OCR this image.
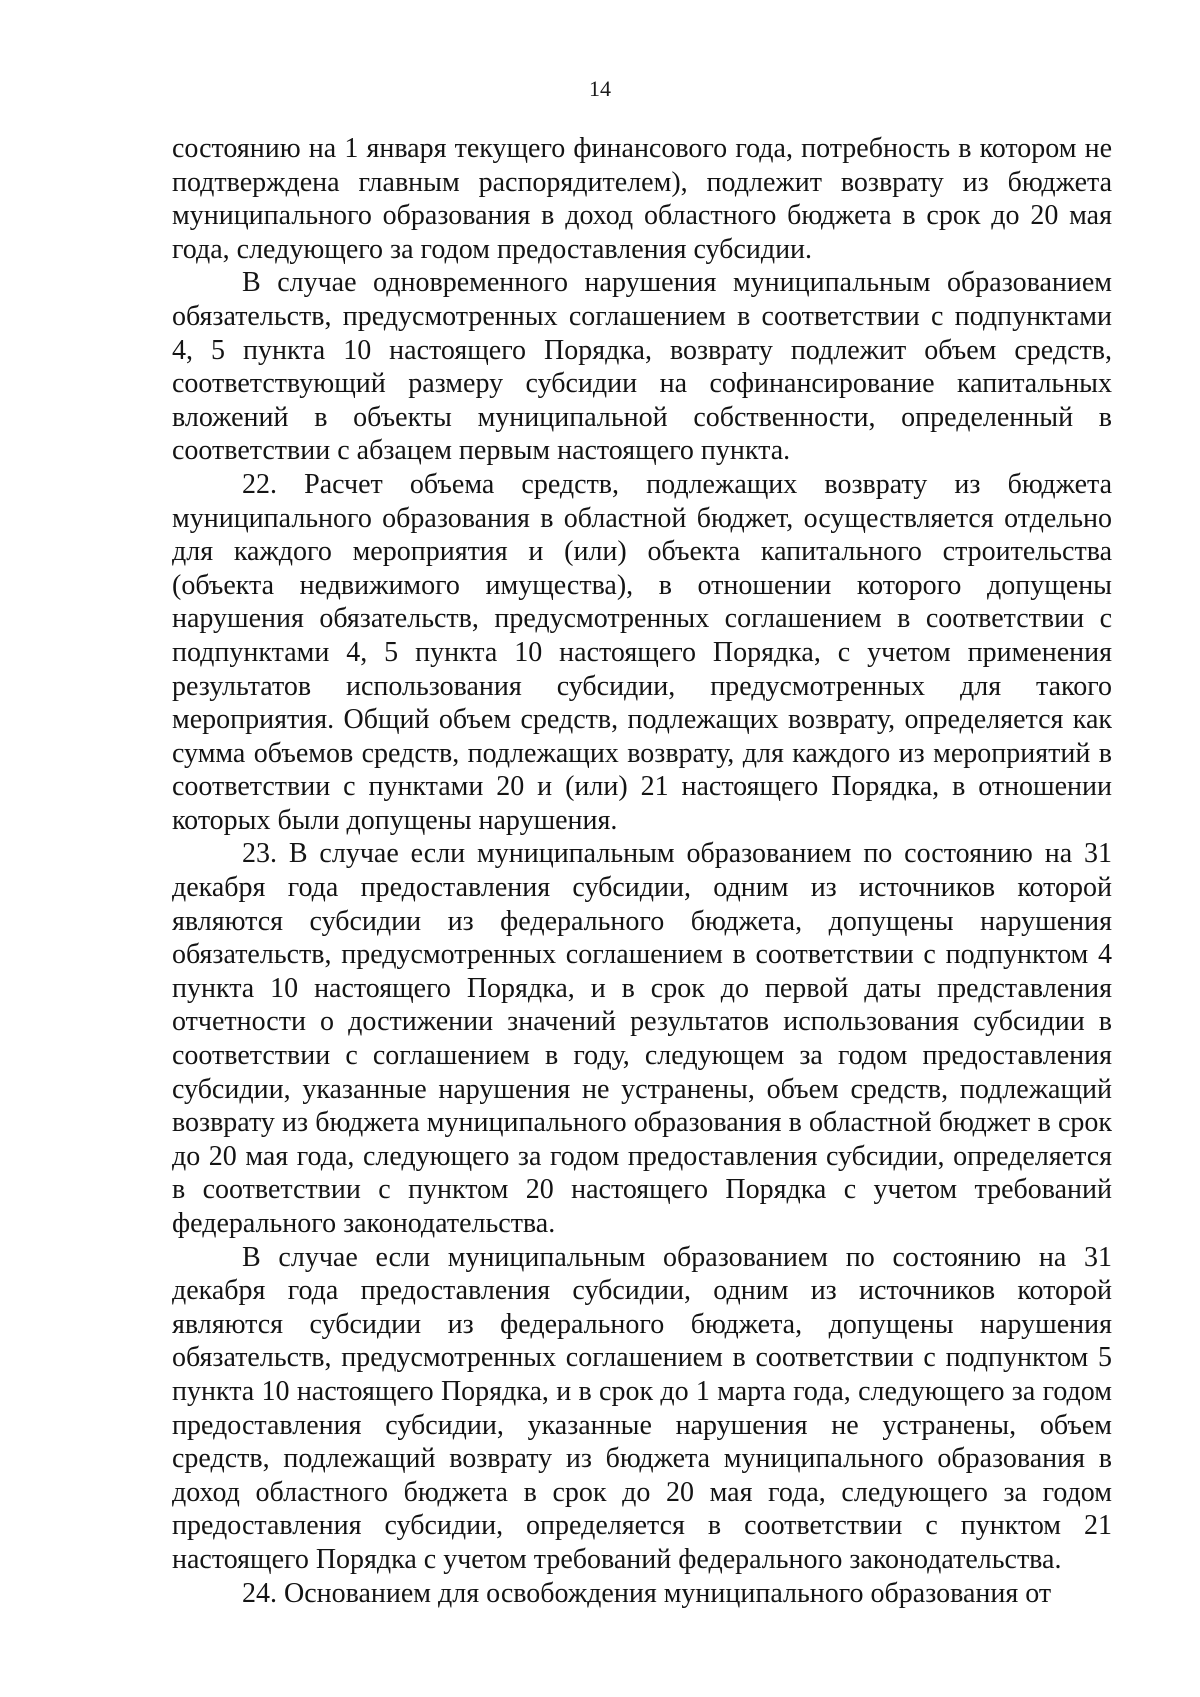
14

состоянию на 1 января текущего финансового года, потребность в котором не подтверждена главным распорядителем), подлежит возврату из бюджета муниципального образования в доход областного бюджета в срок до 20 мая года, следующего за годом предоставления субсидии.

В случае одновременного нарушения муниципальным образованием обязательств, предусмотренных соглашением в соответствии с подпунктами 4, 5 пункта 10 настоящего Порядка, возврату подлежит объем средств, соответствующий размеру субсидии на софинансирование капитальных вложений в объекты муниципальной собственности, определенный в соответствии с абзацем первым настоящего пункта.

22. Расчет объема средств, подлежащих возврату из бюджета муниципального образования в областной бюджет, осуществляется отдельно для каждого мероприятия и (или) объекта капитального строительства (объекта недвижимого имущества), в отношении которого допущены нарушения обязательств, предусмотренных соглашением в соответствии с подпунктами 4, 5 пункта 10 настоящего Порядка, с учетом применения результатов использования субсидии, предусмотренных для такого мероприятия. Общий объем средств, подлежащих возврату, определяется как сумма объемов средств, подлежащих возврату, для каждого из мероприятий в соответствии с пунктами 20 и (или) 21 настоящего Порядка, в отношении которых были допущены нарушения.

23. В случае если муниципальным образованием по состоянию на 31 декабря года предоставления субсидии, одним из источников которой являются субсидии из федерального бюджета, допущены нарушения обязательств, предусмотренных соглашением в соответствии с подпунктом 4 пункта 10 настоящего Порядка, и в срок до первой даты представления отчетности о достижении значений результатов использования субсидии в соответствии с соглашением в году, следующем за годом предоставления субсидии, указанные нарушения не устранены, объем средств, подлежащий возврату из бюджета муниципального образования в областной бюджет в срок до 20 мая года, следующего за годом предоставления субсидии, определяется в соответствии с пунктом 20 настоящего Порядка с учетом требований федерального законодательства.

В случае если муниципальным образованием по состоянию на 31 декабря года предоставления субсидии, одним из источников которой являются субсидии из федерального бюджета, допущены нарушения обязательств, предусмотренных соглашением в соответствии с подпунктом 5 пункта 10 настоящего Порядка, и в срок до 1 марта года, следующего за годом предоставления субсидии, указанные нарушения не устранены, объем средств, подлежащий возврату из бюджета муниципального образования в доход областного бюджета в срок до 20 мая года, следующего за годом предоставления субсидии, определяется в соответствии с пунктом 21 настоящего Порядка с учетом требований федерального законодательства.

24. Основанием для освобождения муниципального образования от
